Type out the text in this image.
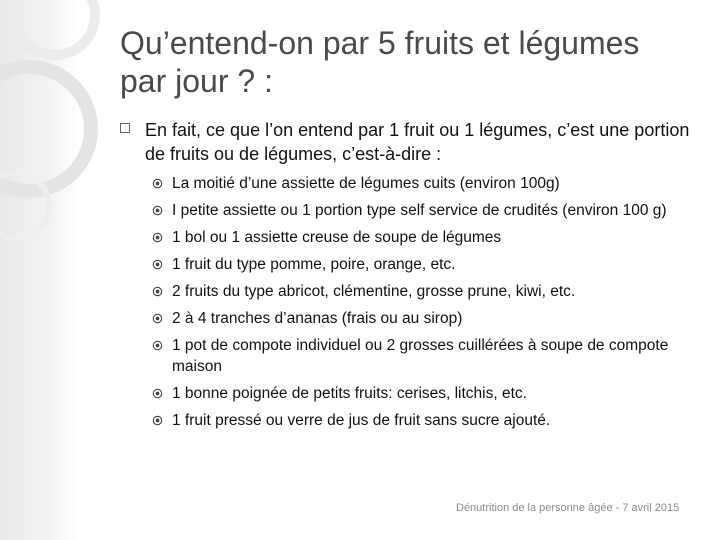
Qu’entend-on par 5 fruits et légumes par jour ? :
En fait, ce que l’on entend par 1 fruit ou 1 légumes, c’est une portion de fruits ou de légumes, c’est-à-dire :
La moitié d’une assiette de légumes cuits (environ 100g)
I petite assiette ou 1 portion type self service de crudités (environ 100 g)
1 bol ou 1 assiette creuse de soupe de légumes
1 fruit du type pomme, poire, orange, etc.
2 fruits du type abricot, clémentine, grosse prune, kiwi, etc.
2 à 4 tranches d’ananas (frais ou au sirop)
1 pot de compote individuel ou 2 grosses cuillérées à soupe de compote maison
1 bonne poignée de petits fruits: cerises, litchis, etc.
1 fruit pressé ou verre de jus de fruit sans sucre ajouté.
Dénutrition de la personne âgée - 7 avril 2015
